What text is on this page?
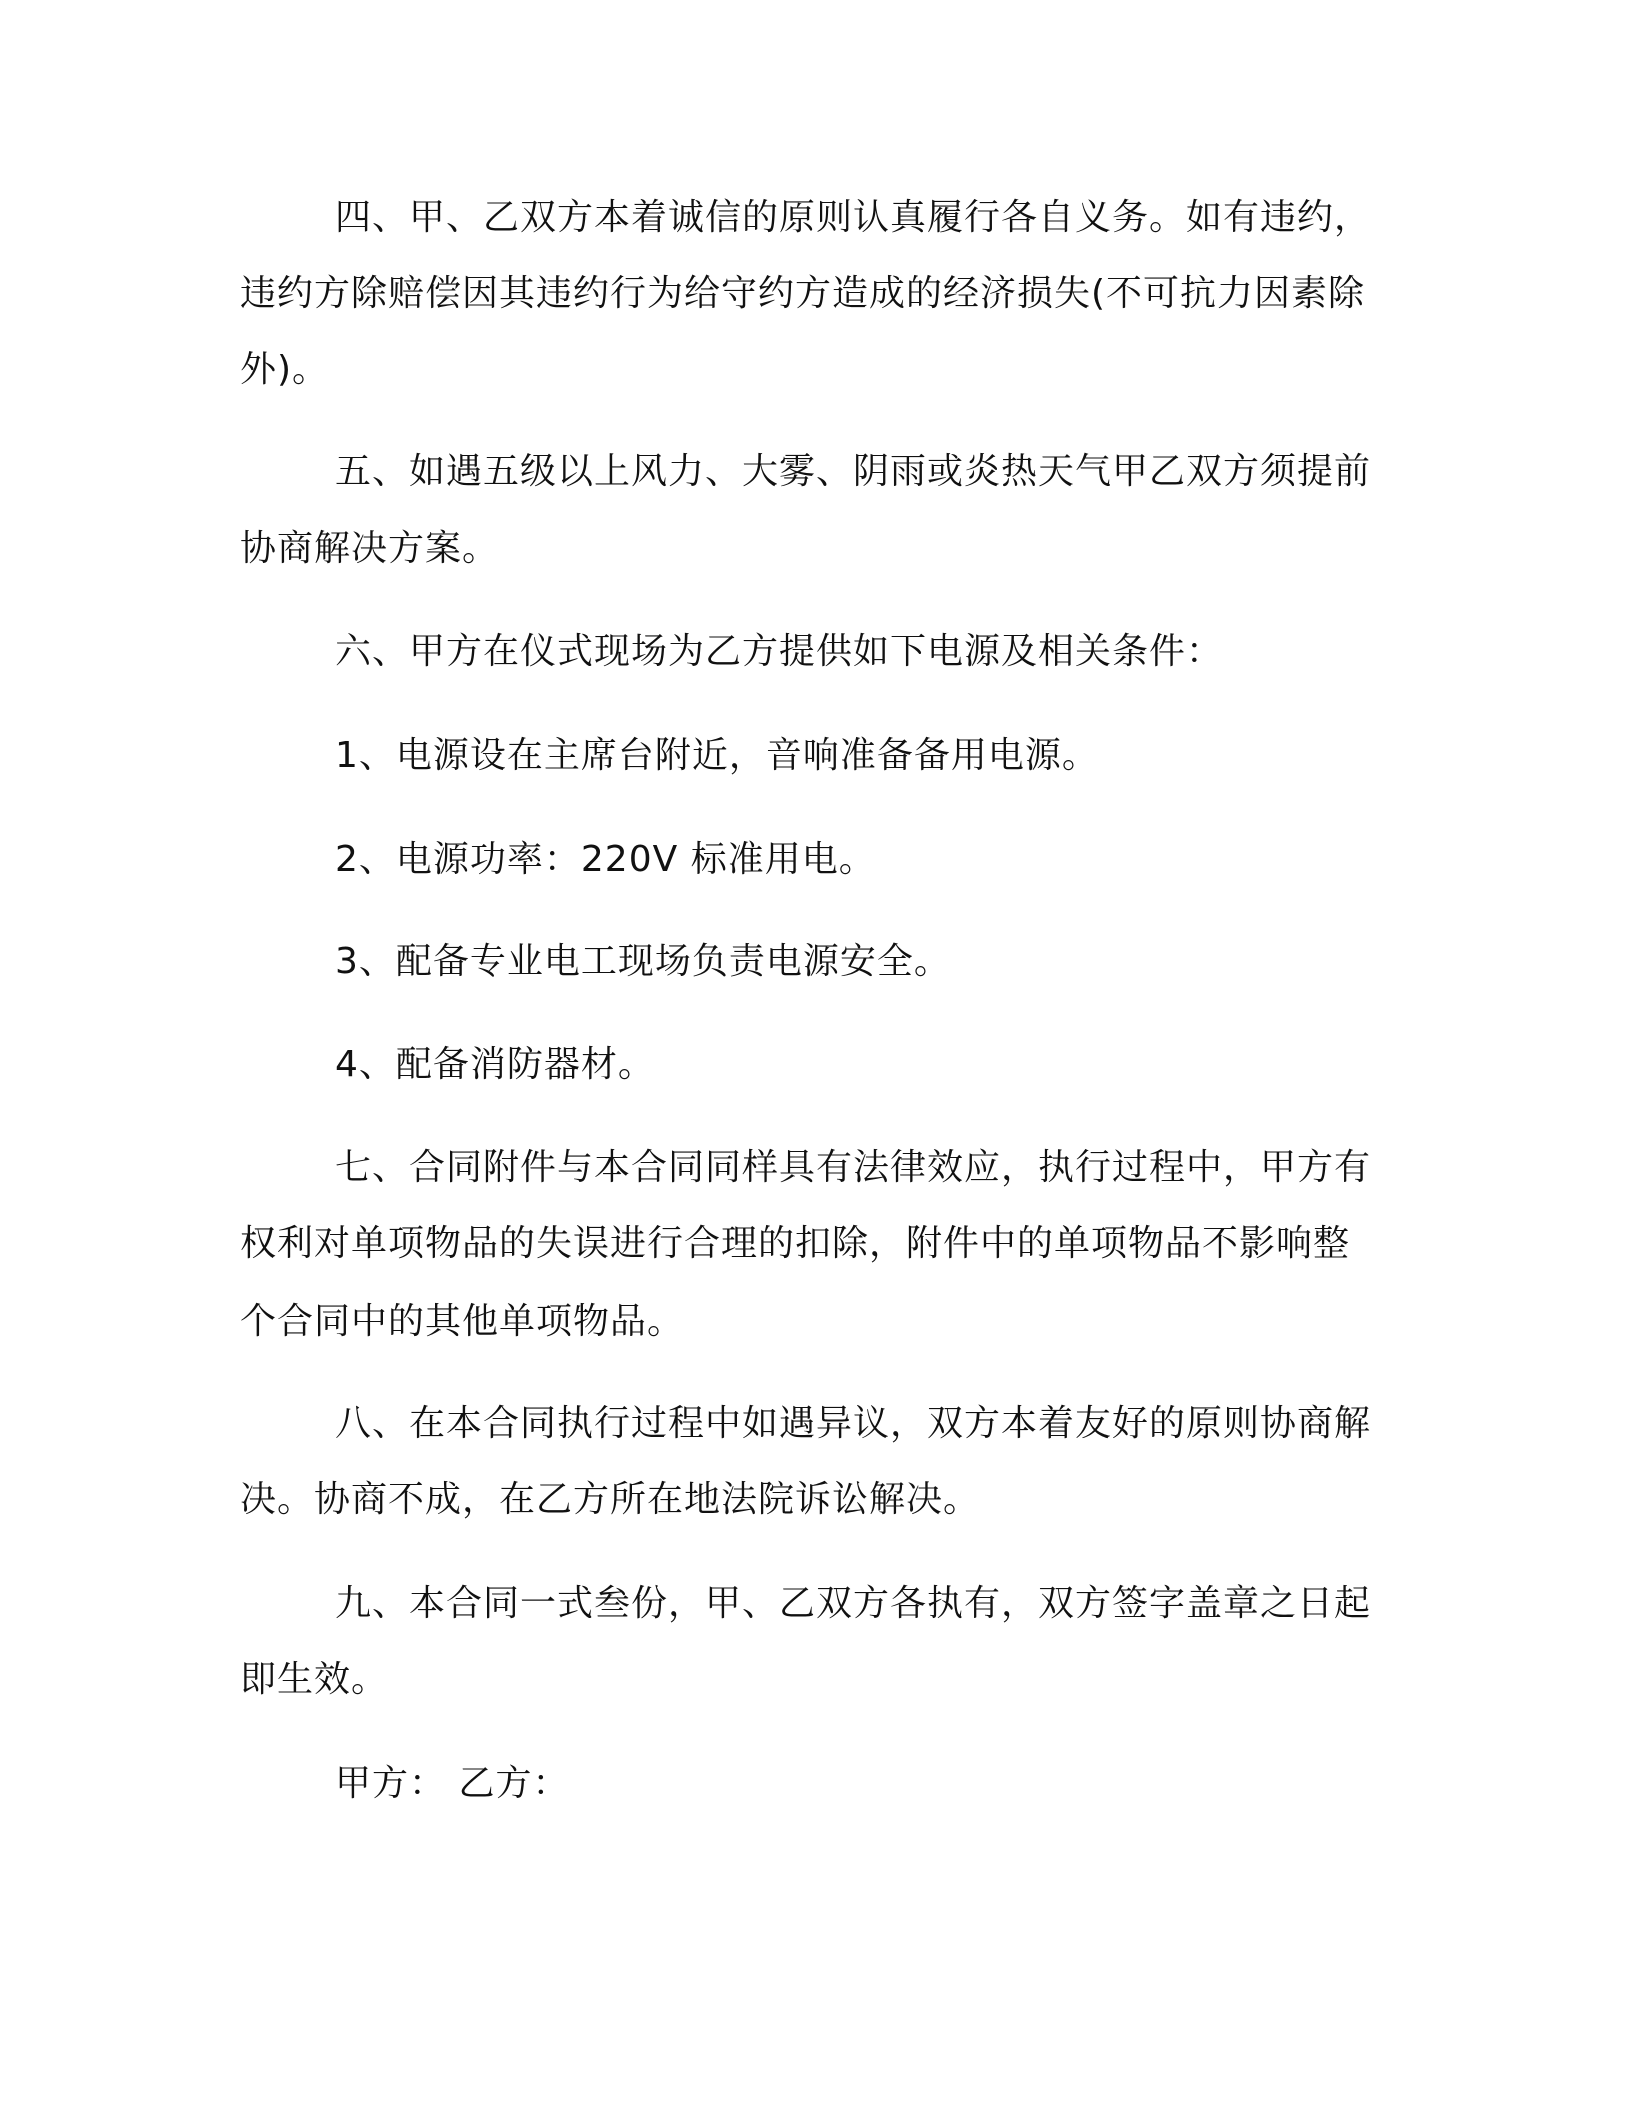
四、甲、乙双方本着诚信的原则认真履行各自义务。如有违约，
违约方除赔偿因其违约行为给守约方造成的经济损失(不可抗力因素除
外)。
五、如遇五级以上风力、大雾、阴雨或炎热天气甲乙双方须提前
协商解决方案。
六、甲方在仪式现场为乙方提供如下电源及相关条件：
1、电源设在主席台附近，音响准备备用电源。
2、电源功率：220V 标准用电。
3、配备专业电工现场负责电源安全。
4、配备消防器材。
七、合同附件与本合同同样具有法律效应，执行过程中，甲方有
权利对单项物品的失误进行合理的扣除，附件中的单项物品不影响整
个合同中的其他单项物品。
八、在本合同执行过程中如遇异议，双方本着友好的原则协商解
决。协商不成，在乙方所在地法院诉讼解决。
九、本合同一式叁份，甲、乙双方各执有，双方签字盖章之日起
即生效。
甲方： 乙方：
